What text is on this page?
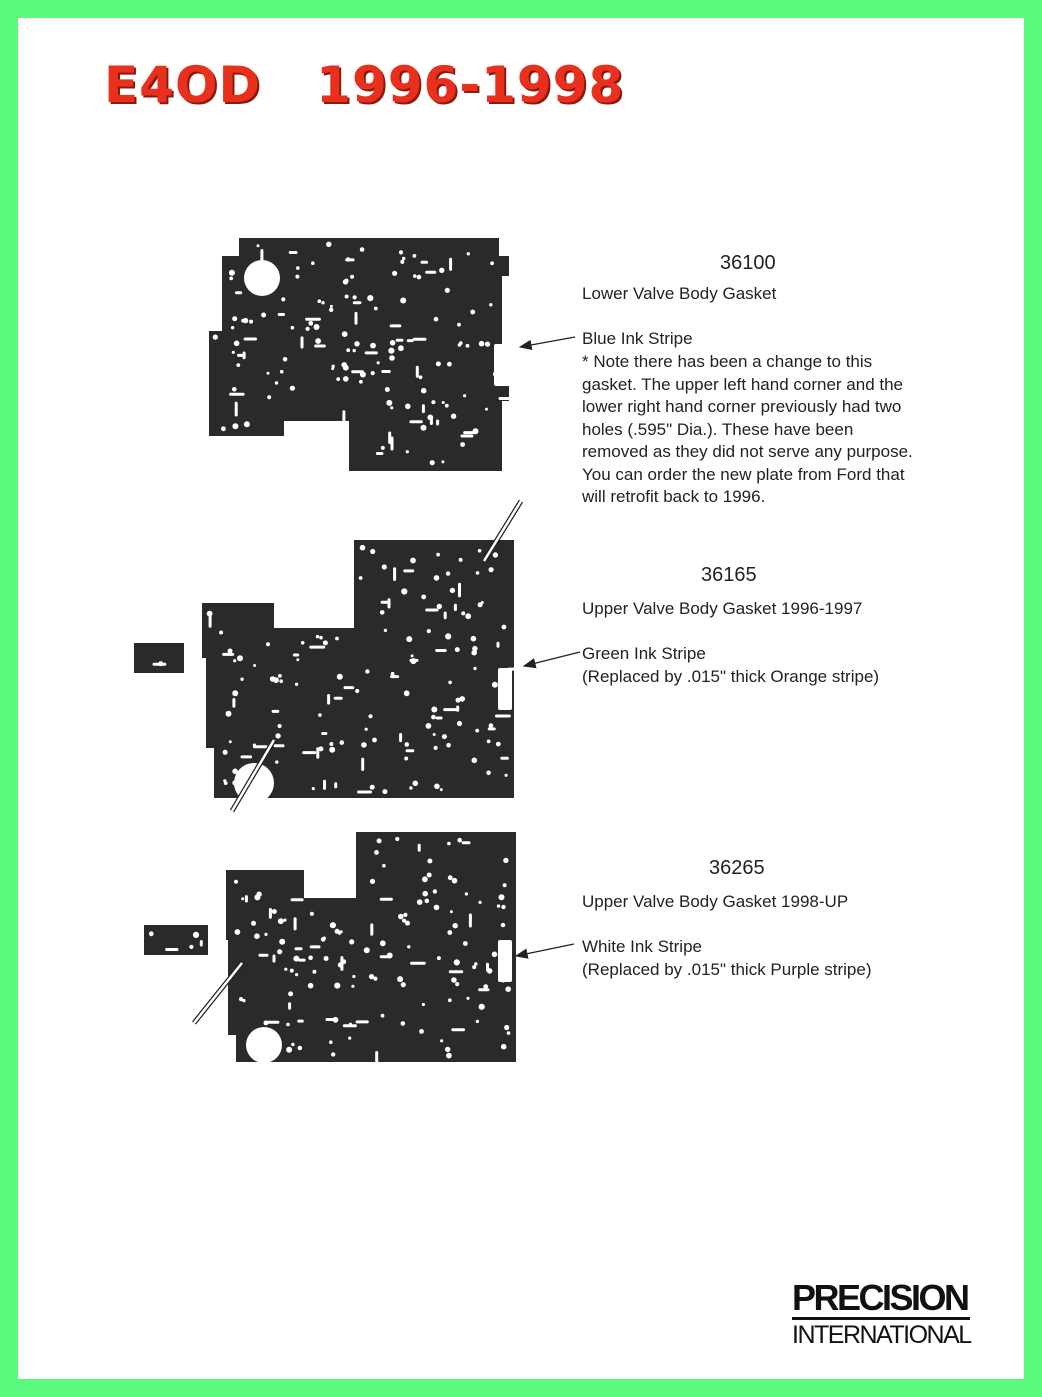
E4OD   1996-1998
36100
Lower Valve Body Gasket
Blue Ink Stripe
* Note there has been a change to this
gasket. The upper left hand corner and the
lower right hand corner previously had two
holes (.595" Dia.). These have been
removed as they did not serve any purpose.
You can order the new plate from Ford that
will retrofit back to 1996.
36165
Upper Valve Body Gasket 1996-1997
Green Ink Stripe
(Replaced by .015" thick Orange stripe)
36265
Upper Valve Body Gasket 1998-UP
White Ink Stripe
(Replaced by .015" thick Purple stripe)
PRECISION
INTERNATIONAL
